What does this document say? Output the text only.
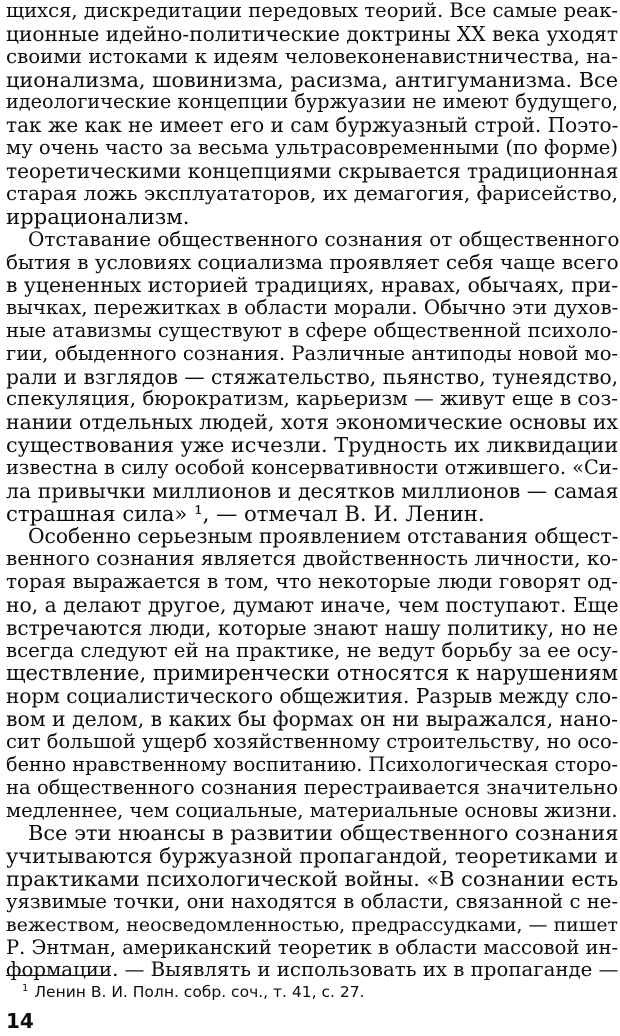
щихся, дискредитации передовых теорий. Все самые реак-
ционные идейно-политические доктрины XX века уходят
своими истоками к идеям человеконенавистничества, на-
ционализма, шовинизма, расизма, антигуманизма. Все
идеологические концепции буржуазии не имеют будущего,
так же как не имеет его и сам буржуазный строй. Поэто-
му очень часто за весьма ультрасовременными (по форме)
теоретическими концепциями скрывается традиционная
старая ложь эксплуататоров, их демагогия, фарисейство,
иррационализм.
Отставание общественного сознания от общественного
бытия в условиях социализма проявляет себя чаще всего
в уцененных историей традициях, нравах, обычаях, при-
вычках, пережитках в области морали. Обычно эти духов-
ные атавизмы существуют в сфере общественной психоло-
гии, обыденного сознания. Различные антиподы новой мо-
рали и взглядов — стяжательство, пьянство, тунеядство,
спекуляция, бюрократизм, карьеризм — живут еще в соз-
нании отдельных людей, хотя экономические основы их
существования уже исчезли. Трудность их ликвидации
известна в силу особой консервативности отжившего. «Си-
ла привычки миллионов и десятков миллионов — самая
страшная сила» ¹, — отмечал В. И. Ленин.
Особенно серьезным проявлением отставания общест-
венного сознания является двойственность личности, ко-
торая выражается в том, что некоторые люди говорят од-
но, а делают другое, думают иначе, чем поступают. Еще
встречаются люди, которые знают нашу политику, но не
всегда следуют ей на практике, не ведут борьбу за ее осу-
ществление, примиренчески относятся к нарушениям
норм социалистического общежития. Разрыв между сло-
вом и делом, в каких бы формах он ни выражался, нано-
сит большой ущерб хозяйственному строительству, но осо-
бенно нравственному воспитанию. Психологическая сторо-
на общественного сознания перестраивается значительно
медленнее, чем социальные, материальные основы жизни.
Все эти нюансы в развитии общественного сознания
учитываются буржуазной пропагандой, теоретиками и
практиками психологической войны. «В сознании есть
уязвимые точки, они находятся в области, связанной с не-
вежеством, неосведомленностью, предрассудками, — пишет
Р. Энтман, американский теоретик в области массовой ин-
формации. — Выявлять и использовать их в пропаганде —
$^1$ Ленин В. И. Полн. собр. соч., т. 41, с. 27.
14
